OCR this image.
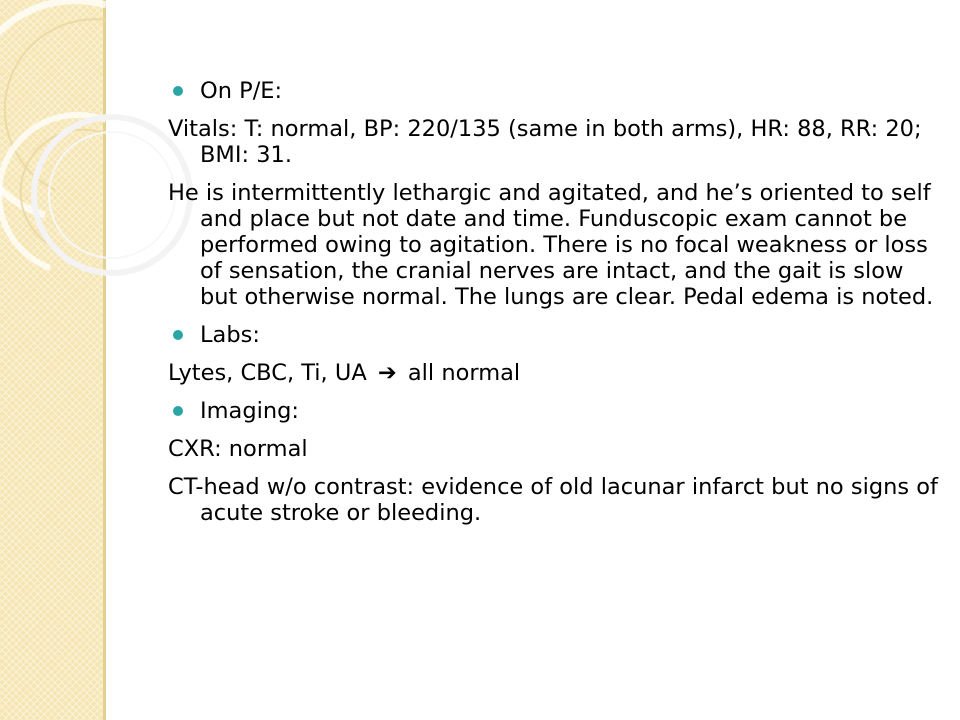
On P/E:
Vitals: T: normal, BP: 220/135 (same in both arms), HR: 88, RR: 20; BMI: 31.
He is intermittently lethargic and agitated, and he’s oriented to self and place but not date and time. Funduscopic exam cannot be performed owing to agitation. There is no focal weakness or loss of sensation, the cranial nerves are intact, and the gait is slow but otherwise normal. The lungs are clear. Pedal edema is noted.
Labs:
Lytes, CBC, Ti, UA ➔ all normal
Imaging:
CXR: normal
CT-head w/o contrast: evidence of old lacunar infarct but no signs of acute stroke or bleeding.
